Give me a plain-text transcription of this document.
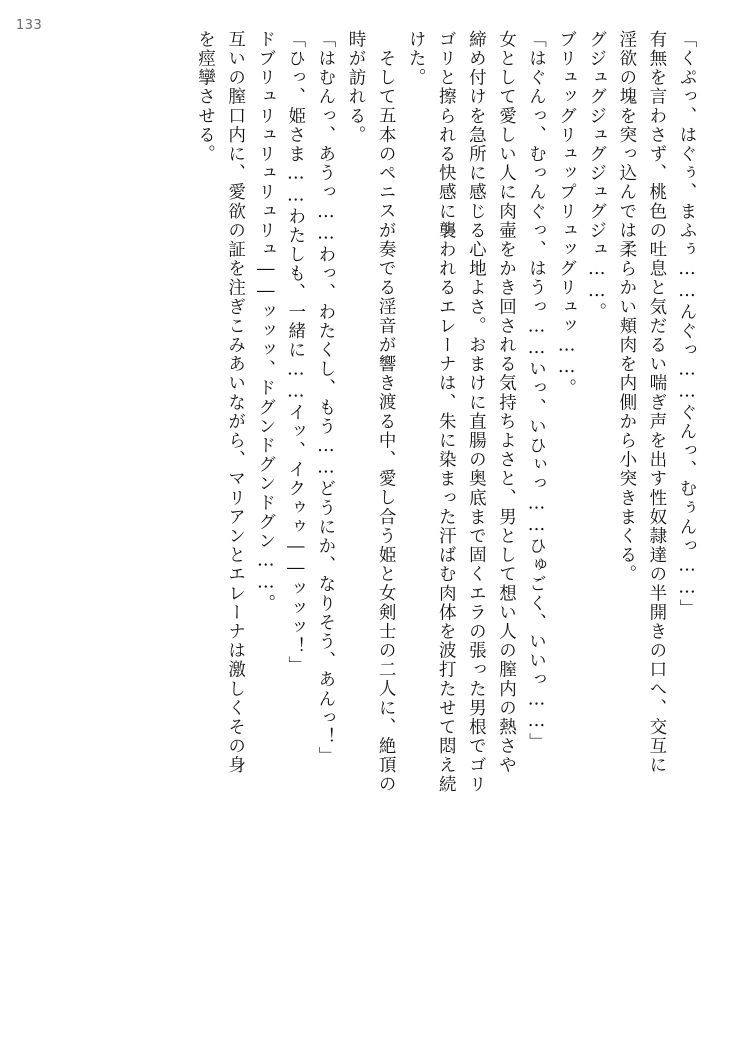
133
「くぷっ、はぐぅ、まふぅ……んぐっ……ぐんっ、むぅんっ……」
有無を言わさず、桃色の吐息と気だるい喘ぎ声を出す性奴隷達の半開きの口へ、交互に
淫欲の塊を突っ込んでは柔らかい頬肉を内側から小突きまくる。
グジュグジュグジュグジュ……。
ブリュッグリュップリュッグリュッ……。
「はぐんっ、むっんぐっ、はうっ……いっ、いひぃっ……ひゅごく、いいっ……」
女として愛しい人に肉壷をかき回される気持ちよさと、男として想い人の膣内の熱さや
締め付けを急所に感じる心地よさ。おまけに直腸の奥底まで固くエラの張った男根でゴリ
ゴリと擦られる快感に襲われるエレーナは、朱に染まった汗ばむ肉体を波打たせて悶え続
けた。
そして五本のペニスが奏でる淫音が響き渡る中、愛し合う姫と女剣士の二人に、絶頂の
時が訪れる。
「はむんっ、あうっ……わっ、わたくし、もう……どうにか、なりそう、あんっ！」
「ひっ、姫さま……わたしも、一緒に……イッ、イクゥゥ――ッッッ！」
ドブリュリュリュリュリュ――ッッッ、ドグンドグンドグン……。
互いの膣口内に、愛欲の証を注ぎこみあいながら、マリアンとエレーナは激しくその身
を痙攣させる。
